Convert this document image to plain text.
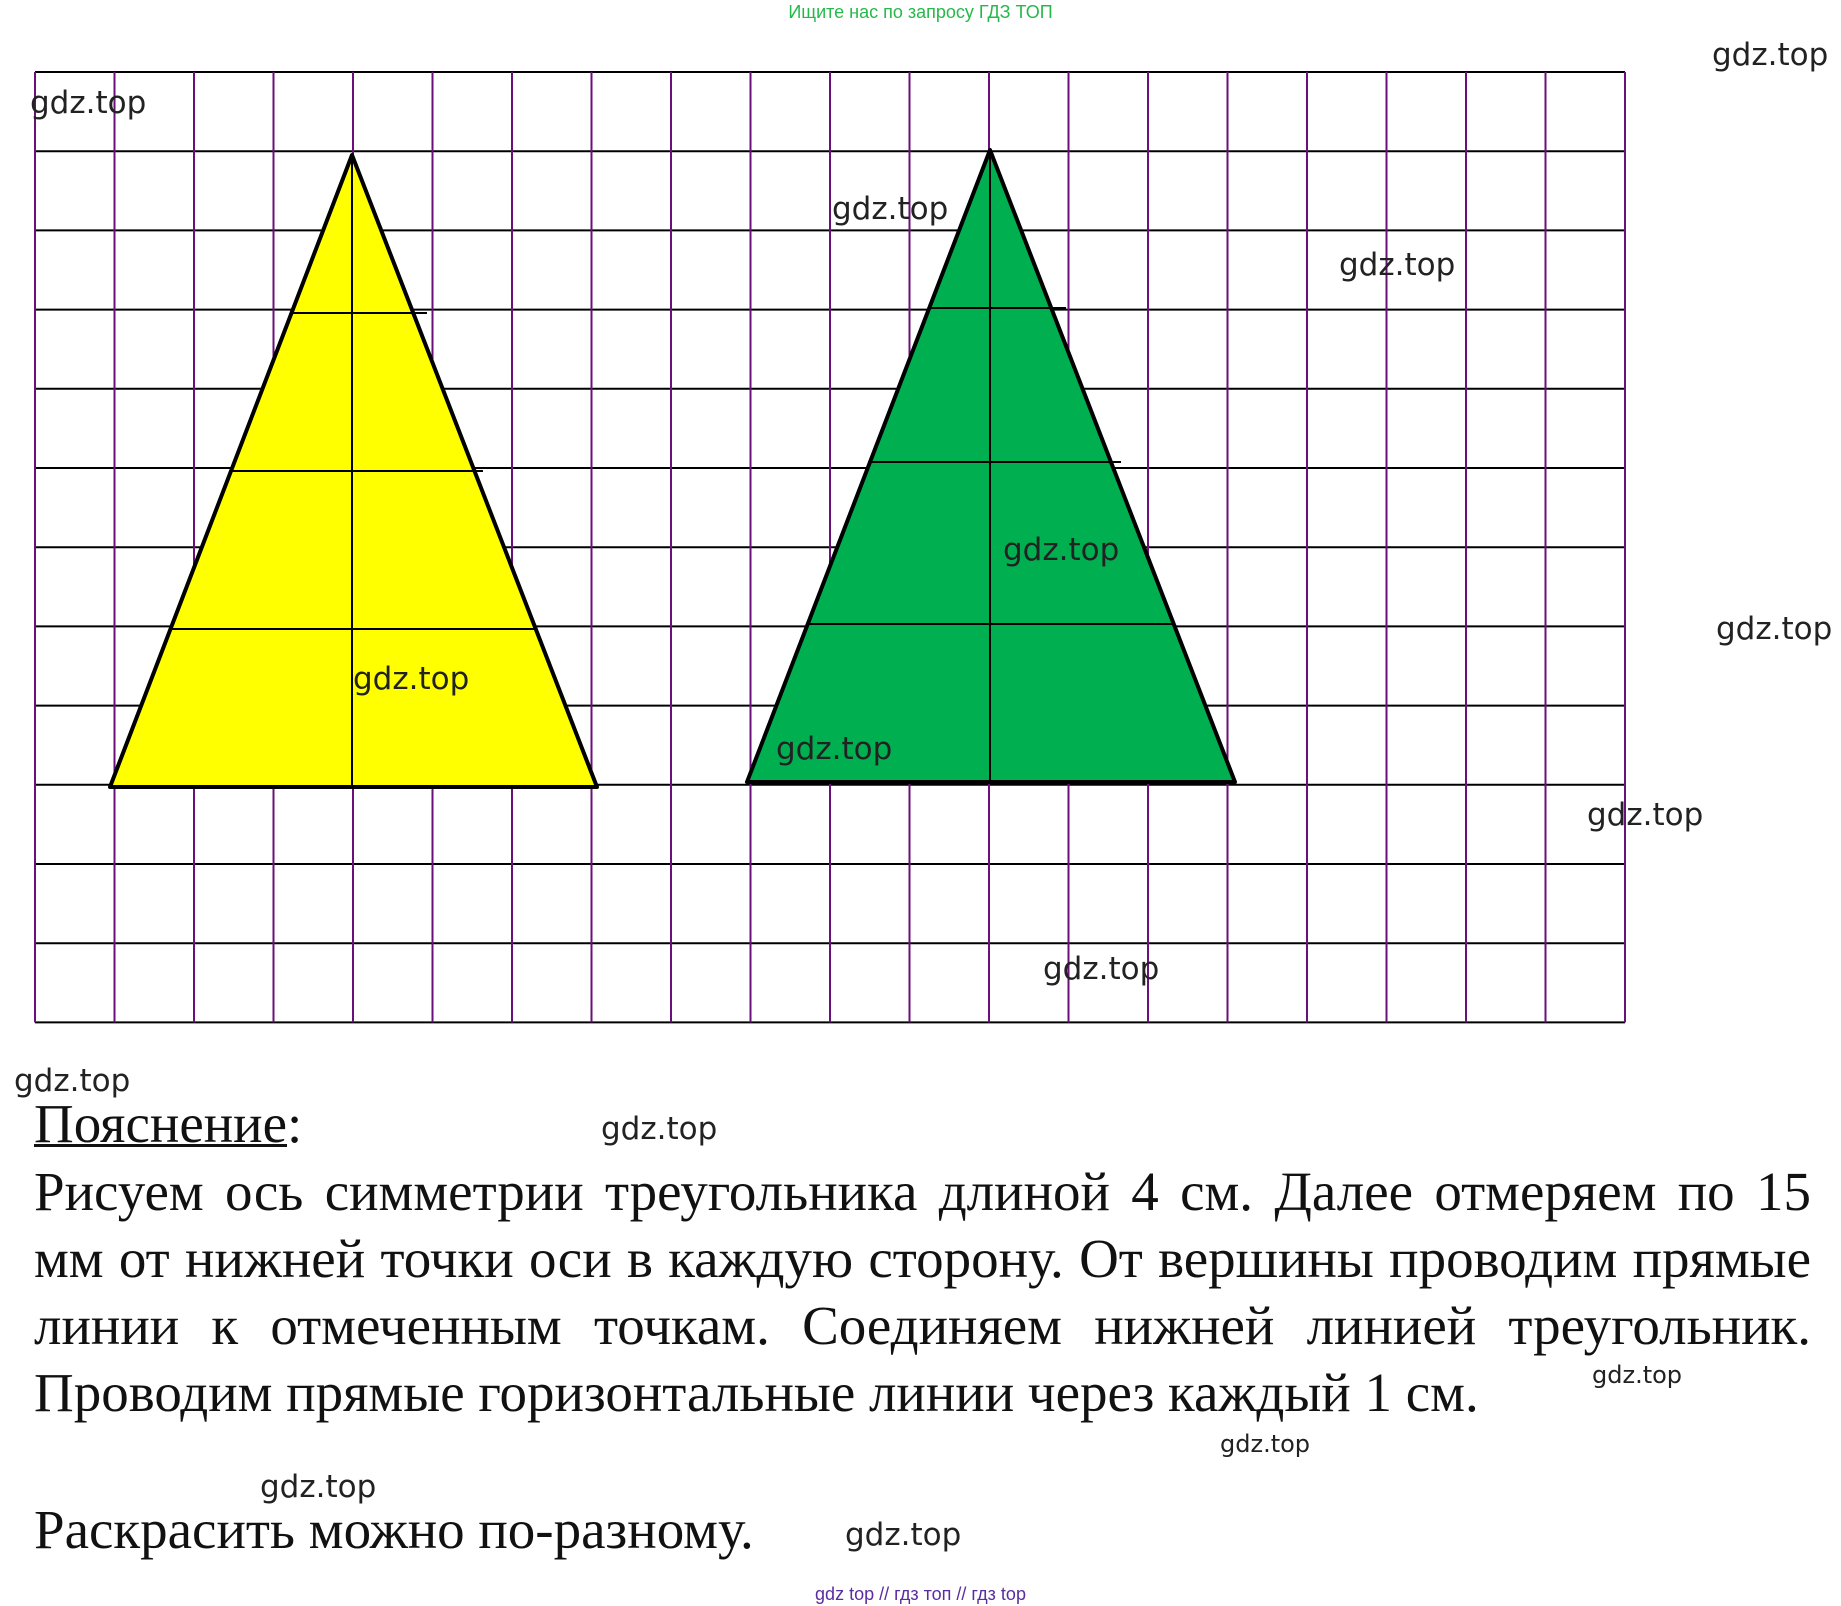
Ищите нас по запросу ГДЗ ТОП
gdz.top
gdz.top
gdz.top
gdz.top
gdz.top
gdz.top
gdz.top
gdz.top
gdz.top
gdz.top
gdz.top
gdz.top
gdz.top
gdz.top
gdz.top
gdz.top
Пояснение:
Рисуем ось симметрии треугольника длиной 4 см. Далее отмеряем по 15 мм от нижней точки оси в каждую сторону. От вершины проводим прямые линии к отмеченным точкам. Соединяем нижней линией треугольник. Проводим прямые горизонтальные линии через каждый 1 см.
Раскрасить можно по-разному.
gdz top // гдз топ // гдз top
